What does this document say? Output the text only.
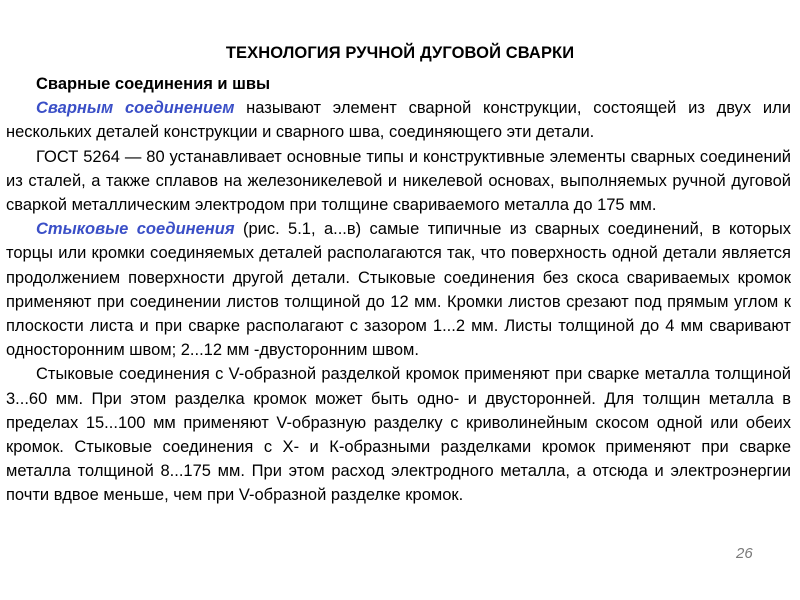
ТЕХНОЛОГИЯ РУЧНОЙ ДУГОВОЙ СВАРКИ

Сварные соединения и швы

Сварным соединением называют элемент сварной конструкции, состоящей из двух или нескольких деталей конструкции и сварного шва, соединяющего эти детали.

ГОСТ 5264 — 80 устанавливает основные типы и конструктивные элементы сварных соединений из сталей, а также сплавов на железоникелевой и никелевой основах, выполняемых ручной дуговой сваркой металлическим электродом при толщине свариваемого металла до 175 мм.

Стыковые соединения (рис. 5.1, а...в) самые типичные из сварных соединений, в которых торцы или кромки соединяемых деталей располагаются так, что поверхность одной детали является продолжением поверхности другой детали. Стыковые соединения без скоса свариваемых кромок применяют при соединении листов толщиной до 12 мм. Кромки листов срезают под прямым углом к плоскости листа и при сварке располагают с зазором 1...2 мм. Листы толщиной до 4 мм сваривают односторонним швом; 2...12 мм -двусторонним швом.

Стыковые соединения с V-образной разделкой кромок применяют при сварке металла толщиной 3...60 мм. При этом разделка кромок может быть одно- и двусторонней. Для толщин металла в пределах 15...100 мм применяют V-образную разделку с криволинейным скосом одной или обеих кромок. Стыковые соединения с X- и К-образными разделками кромок применяют при сварке металла толщиной 8...175 мм. При этом расход электродного металла, а отсюда и электроэнергии почти вдвое меньше, чем при V-образной разделке кромок.

26
